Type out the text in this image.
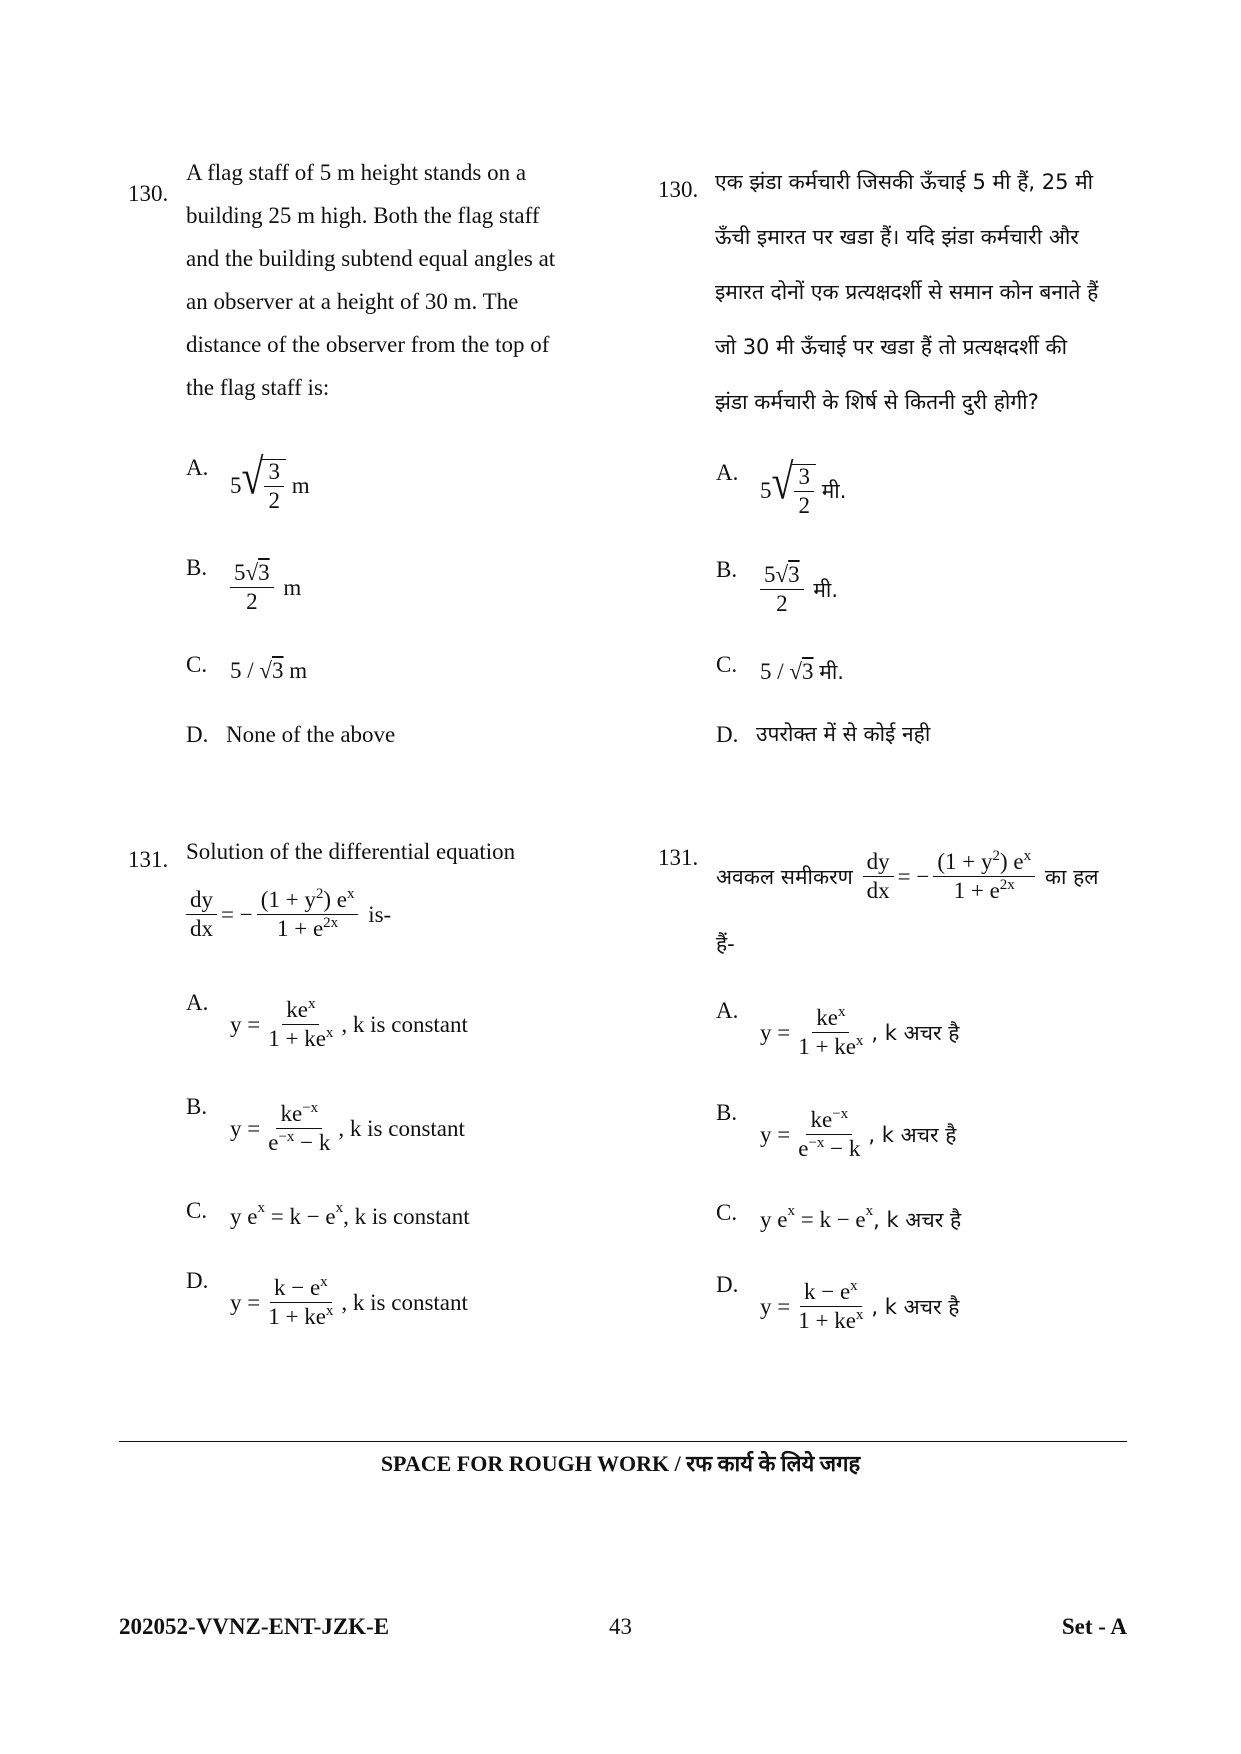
130.
A flag staff of 5 m height stands on a
building 25 m high. Both the flag staff
and the building subtend equal angles at
an observer at a height of 30 m. The
distance of the observer from the top of
the flag staff is:
A.
5 √ $\frac{3}{2}$
m
B. $\frac{5√3}{2}$
m
C. 5 / √ 3
m
D. None of the above
130. एक झंडा कर्मचारी जिसकी ऊँचाई 5 मी हैं, 25 मी
ऊँची इमारत पर खडा हैं। यदि झंडा कर्मचारी और
इमारत दोनों एक प्रत्यक्षदर्शी से समान कोन बनाते हैं
जो 30 मी ऊँचाई पर खडा हैं तो प्रत्यक्षदर्शी की
झंडा कर्मचारी के शिर्ष से कितनी दुरी होगी?
A.
5 √ $\frac{3}{2}$
मी.
B. $\frac{5√3}{2}$
मी.
C. 5 / √ 3
मी.
D. उपरोक्त में से कोई नही
131. Solution of the differential equation
$\frac{dy}{dx}$ = − $\frac{(1 + y^2) e^x}{1 + e^{2x}}$
is-
A.
$y = \frac{ke^x}{1 + ke^x}$ , k is constant
B.
$y = \frac{ke^{-x}}{e^{-x} - k}$ , k is constant
C. y e x = k − e x , k is constant
D.
$y = \frac{k - e^x}{1 + ke^x}$ , k is constant
131.
अवकल समीकरण
$\frac{dy}{dx}$ = − $\frac{(1 + y^2) e^x}{1 + e^{2x}}$
का हल
हैं-
A.
$y = \frac{ke^x}{1 + ke^x}$ , k अचर है
B.
$y = \frac{ke^{-x}}{e^{-x} - k}$ , k अचर है
C. y e x = k − e x , k अचर है
D.
$y = \frac{k - e^x}{1 + ke^x}$ , k अचर है
SPACE FOR ROUGH WORK / रफ कार्य के लिये जगह
202052-VVNZ-ENT-JZK-E	43	Set - A
